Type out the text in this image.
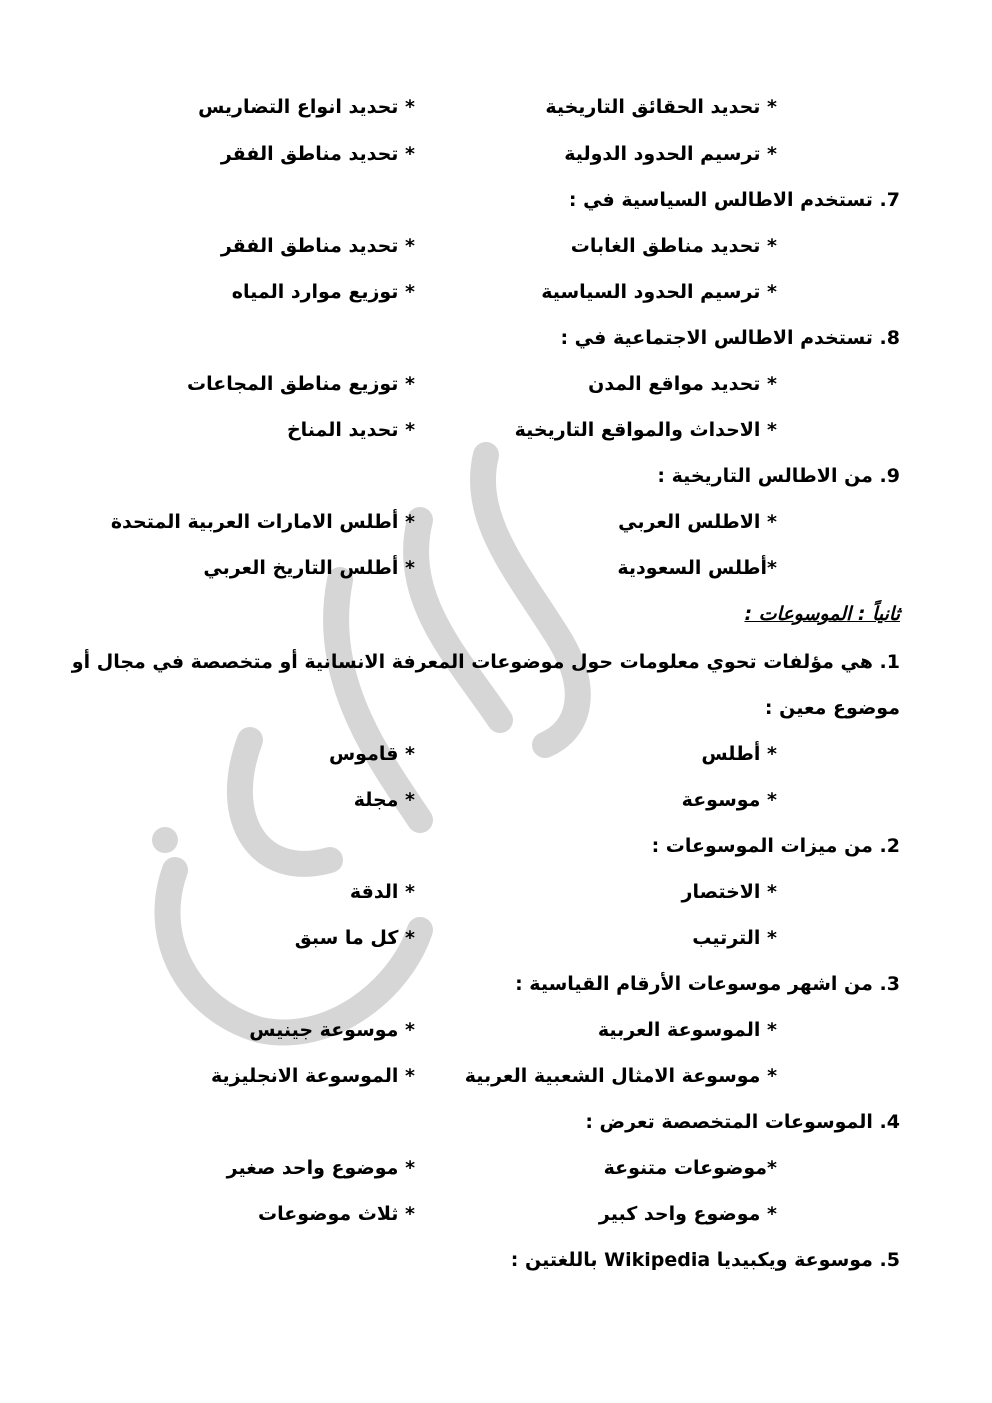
* تحديد الحقائق التاريخية
* تحديد انواع التضاريس
* ترسيم الحدود الدولية
* تحديد مناطق الفقر
7. تستخدم الاطالس السياسية في :
* تحديد مناطق الغابات
* تحديد مناطق الفقر
* ترسيم الحدود السياسية
* توزيع موارد المياه
8. تستخدم الاطالس الاجتماعية في :
* تحديد مواقع المدن
* توزيع مناطق المجاعات
* الاحداث والمواقع التاريخية
* تحديد المناخ
9. من الاطالس التاريخية :
* الاطلس العربي
* أطلس الامارات العربية المتحدة
*أطلس السعودية
* أطلس التاريخ العربي
ثانياً : الموسوعات :
1. هي مؤلفات تحوي معلومات حول موضوعات المعرفة الانسانية أو متخصصة في مجال أو
موضوع معين :
* أطلس
* قاموس
* موسوعة
* مجلة
2. من ميزات الموسوعات :
* الاختصار
* الدقة
* الترتيب
* كل ما سبق
3. من اشهر موسوعات الأرقام القياسية :
* الموسوعة العربية
* موسوعة جينيس
* موسوعة الامثال الشعبية العربية
* الموسوعة الانجليزية
4. الموسوعات المتخصصة تعرض :
*موضوعات متنوعة
* موضوع واحد صغير
* موضوع واحد كبير
* ثلاث موضوعات
5. موسوعة ويكبيديا Wikipedia باللغتين :
